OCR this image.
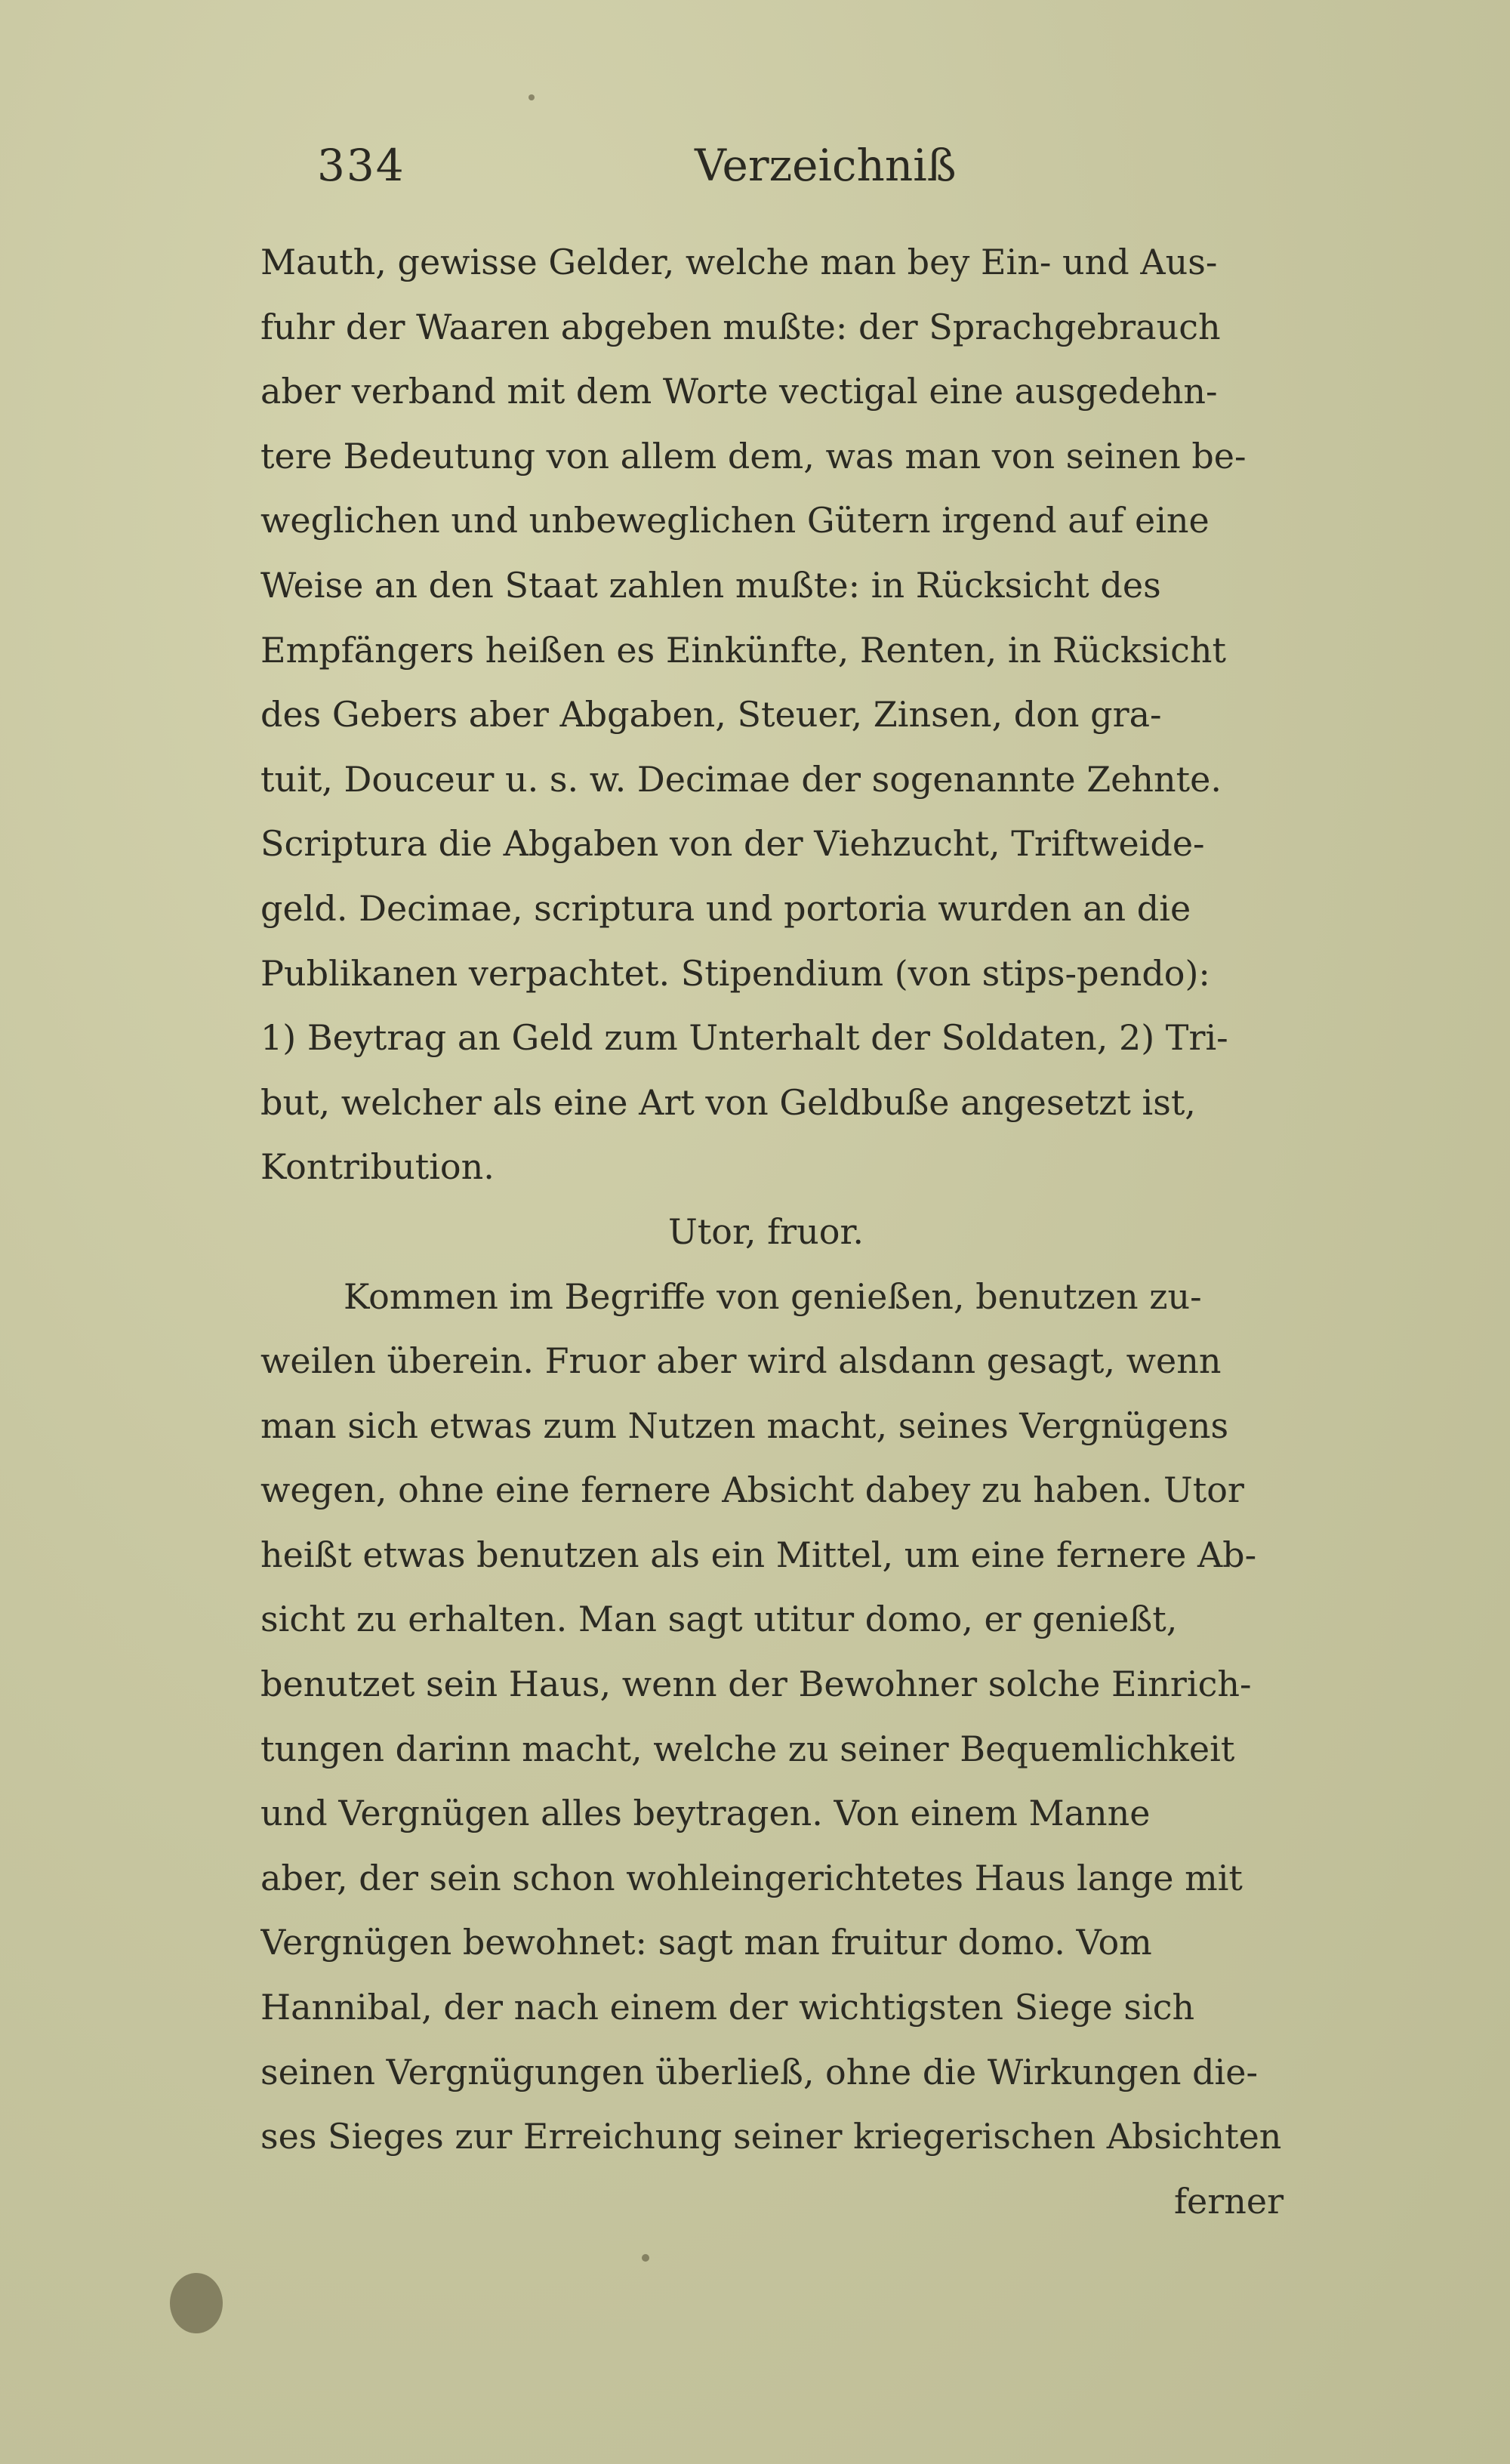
334	Verzeichniß
Mauth, gewisse Gelder, welche man bey Ein- und Aus-
fuhr der Waaren abgeben mußte: der Sprachgebrauch
aber verband mit dem Worte vectigal eine ausgedehn-
tere Bedeutung von allem dem, was man von seinen be-
weglichen und unbeweglichen Gütern irgend auf eine
Weise an den Staat zahlen mußte: in Rücksicht des
Empfängers heißen es Einkünfte, Renten, in Rücksicht
des Gebers aber Abgaben, Steuer, Zinsen, don gra-
tuit, Douceur u. s. w. Decimae der sogenannte Zehnte.
Scriptura die Abgaben von der Viehzucht, Triftweide-
geld. Decimae, scriptura und portoria wurden an die
Publikanen verpachtet. Stipendium (von stips-pendo):
1) Beytrag an Geld zum Unterhalt der Soldaten, 2) Tri-
but, welcher als eine Art von Geldbuße angesetzt ist,
Kontribution.
Utor, fruor.
Kommen im Begriffe von genießen, benutzen zu-
weilen überein. Fruor aber wird alsdann gesagt, wenn
man sich etwas zum Nutzen macht, seines Vergnügens
wegen, ohne eine fernere Absicht dabey zu haben. Utor
heißt etwas benutzen als ein Mittel, um eine fernere Ab-
sicht zu erhalten. Man sagt utitur domo, er genießt,
benutzet sein Haus, wenn der Bewohner solche Einrich-
tungen darinn macht, welche zu seiner Bequemlichkeit
und Vergnügen alles beytragen. Von einem Manne
aber, der sein schon wohleingerichtetes Haus lange mit
Vergnügen bewohnet: sagt man fruitur domo. Vom
Hannibal, der nach einem der wichtigsten Siege sich
seinen Vergnügungen überließ, ohne die Wirkungen die-
ses Sieges zur Erreichung seiner kriegerischen Absichten
ferner
